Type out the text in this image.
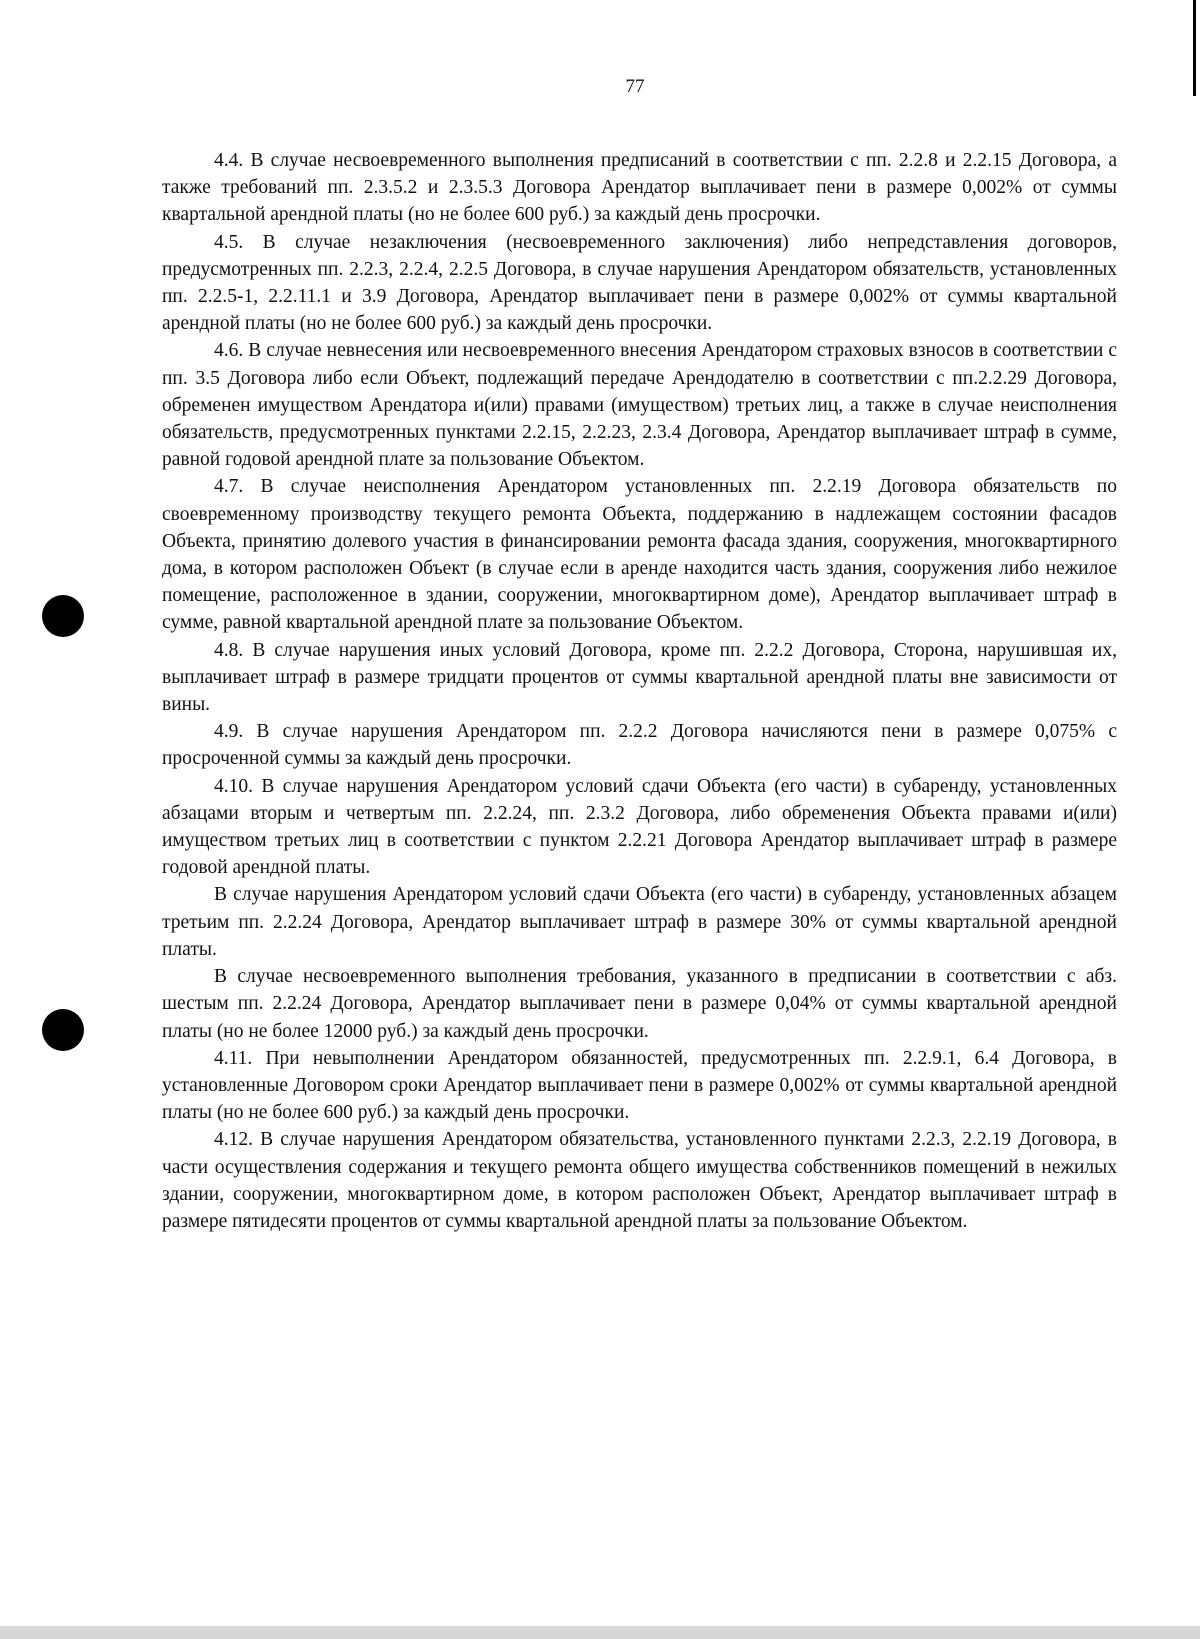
77

4.4. В случае несвоевременного выполнения предписаний в соответствии с пп. 2.2.8 и 2.2.15 Договора, а также требований пп. 2.3.5.2 и 2.3.5.3 Договора Арендатор выплачивает пени в размере 0,002% от суммы квартальной арендной платы (но не более 600 руб.) за каждый день просрочки.

4.5. В случае незаключения (несвоевременного заключения) либо непредставления договоров, предусмотренных пп. 2.2.3, 2.2.4, 2.2.5 Договора, в случае нарушения Арендатором обязательств, установленных пп. 2.2.5-1, 2.2.11.1 и 3.9 Договора, Арендатор выплачивает пени в размере 0,002% от суммы квартальной арендной платы (но не более 600 руб.) за каждый день просрочки.

4.6. В случае невнесения или несвоевременного внесения Арендатором страховых взносов в соответствии с пп. 3.5 Договора либо если Объект, подлежащий передаче Арендодателю в соответствии с пп.2.2.29 Договора, обременен имуществом Арендатора и(или) правами (имуществом) третьих лиц, а также в случае неисполнения обязательств, предусмотренных пунктами 2.2.15, 2.2.23, 2.3.4 Договора, Арендатор выплачивает штраф в сумме, равной годовой арендной плате за пользование Объектом.

4.7. В случае неисполнения Арендатором установленных пп. 2.2.19 Договора обязательств по своевременному производству текущего ремонта Объекта, поддержанию в надлежащем состоянии фасадов Объекта, принятию долевого участия в финансировании ремонта фасада здания, сооружения, многоквартирного дома, в котором расположен Объект (в случае если в аренде находится часть здания, сооружения либо нежилое помещение, расположенное в здании, сооружении, многоквартирном доме), Арендатор выплачивает штраф в сумме, равной квартальной арендной плате за пользование Объектом.

4.8. В случае нарушения иных условий Договора, кроме пп. 2.2.2 Договора, Сторона, нарушившая их, выплачивает штраф в размере тридцати процентов от суммы квартальной арендной платы вне зависимости от вины.

4.9. В случае нарушения Арендатором пп. 2.2.2 Договора начисляются пени в размере 0,075% с просроченной суммы за каждый день просрочки.

4.10. В случае нарушения Арендатором условий сдачи Объекта (его части) в субаренду, установленных абзацами вторым и четвертым пп. 2.2.24, пп. 2.3.2 Договора, либо обременения Объекта правами и(или) имуществом третьих лиц в соответствии с пунктом 2.2.21 Договора Арендатор выплачивает штраф в размере годовой арендной платы.

В случае нарушения Арендатором условий сдачи Объекта (его части) в субаренду, установленных абзацем третьим пп. 2.2.24 Договора, Арендатор выплачивает штраф в размере 30% от суммы квартальной арендной платы.

В случае несвоевременного выполнения требования, указанного в предписании в соответствии с абз. шестым пп. 2.2.24 Договора, Арендатор выплачивает пени в размере 0,04% от суммы квартальной арендной платы (но не более 12000 руб.) за каждый день просрочки.

4.11. При невыполнении Арендатором обязанностей, предусмотренных пп. 2.2.9.1, 6.4 Договора, в установленные Договором сроки Арендатор выплачивает пени в размере 0,002% от суммы квартальной арендной платы (но не более 600 руб.) за каждый день просрочки.

4.12. В случае нарушения Арендатором обязательства, установленного пунктами 2.2.3, 2.2.19 Договора, в части осуществления содержания и текущего ремонта общего имущества собственников помещений в нежилых здании, сооружении, многоквартирном доме, в котором расположен Объект, Арендатор выплачивает штраф в размере пятидесяти процентов от суммы квартальной арендной платы за пользование Объектом.
